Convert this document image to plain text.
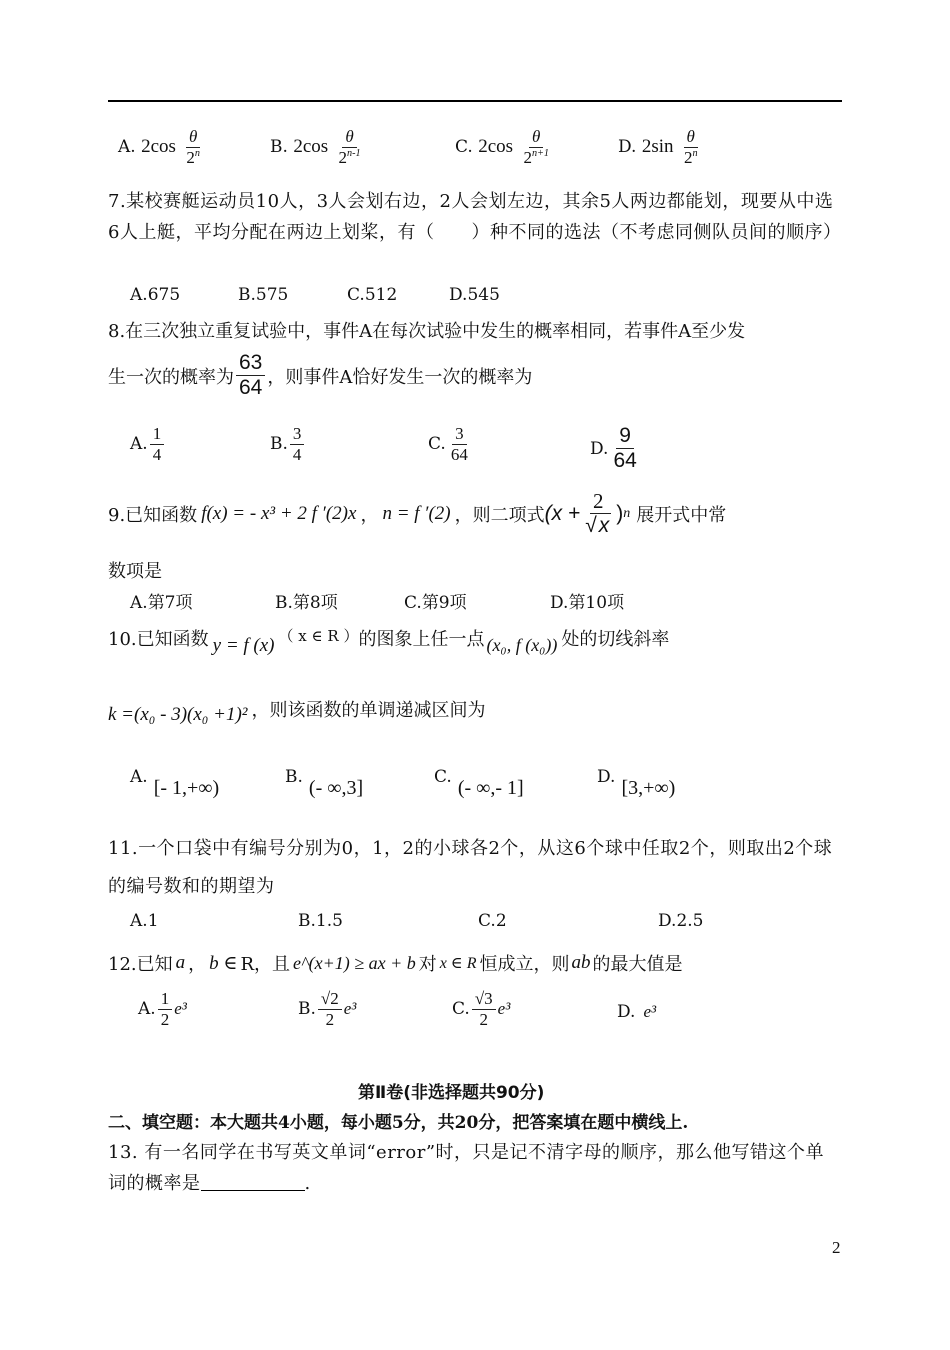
A. $2\cos \frac{\theta}{2^n}$	B. $2\cos \frac{\theta}{2^{n-1}}$	C. $2\cos \frac{\theta}{2^{n+1}}$	D. $2\sin \frac{\theta}{2^n}$
7.某校赛艇运动员10人，3人会划右边，2人会划左边，其余5人两边都能划，现要从中选6人上艇，平均分配在两边上划桨，有（　　）种不同的选法（不考虑同侧队员间的顺序）
A.675	B.575	C.512	D.545
8.在三次独立重复试验中，事件A在每次试验中发生的概率相同，若事件A至少发
生一次的概率为 $\frac{63}{64}$ ，则事件A恰好发生一次的概率为
A. $\frac{1}{4}$	B. $\frac{3}{4}$	C. $\frac{3}{64}$	D. $\frac{9}{64}$
9.已知函数 f(x) = - x³ + 2 f ′(2)x ， n = f ′(2) ，则二项式 ($x + \frac{2}{√x}$ ) n 展开式中常
数项是
A.第7项	B.第8项	C.第9项	D.第10项
10.已知函数 y = f (x) （ x ∈ R ） 的图象上任一点 (x₀, f (x₀)) 处的切线斜率
k =(x₀ - 3)(x₀ +1)² ，则该函数的单调递减区间为
A. [- 1,+∞)	B. (- ∞,3]	C. (- ∞,- 1]	D. [3,+∞)
11.一个口袋中有编号分别为0，1，2的小球各2个，从这6个球中任取2个，则取出2个球的编号数和的期望为
A.1	B.1.5	C.2	D.2.5
12.已知 a ， b ∈ R，且 e^(x+1) ≥ ax + b 对 x ∈ R 恒成立，则 ab 的最大值是
A. $\frac{1}{2} e^3$	B. $\frac{√2}{2} e^3$	C. $\frac{√3}{2} e^3$	D. e³
第Ⅱ卷(非选择题共90分)
二、填空题：本大题共4小题，每小题5分，共20分，把答案填在题中横线上.
13. 有一名同学在书写英文单词“error”时，只是记不清字母的顺序，那么他写错这个单词的概率是	.
2
